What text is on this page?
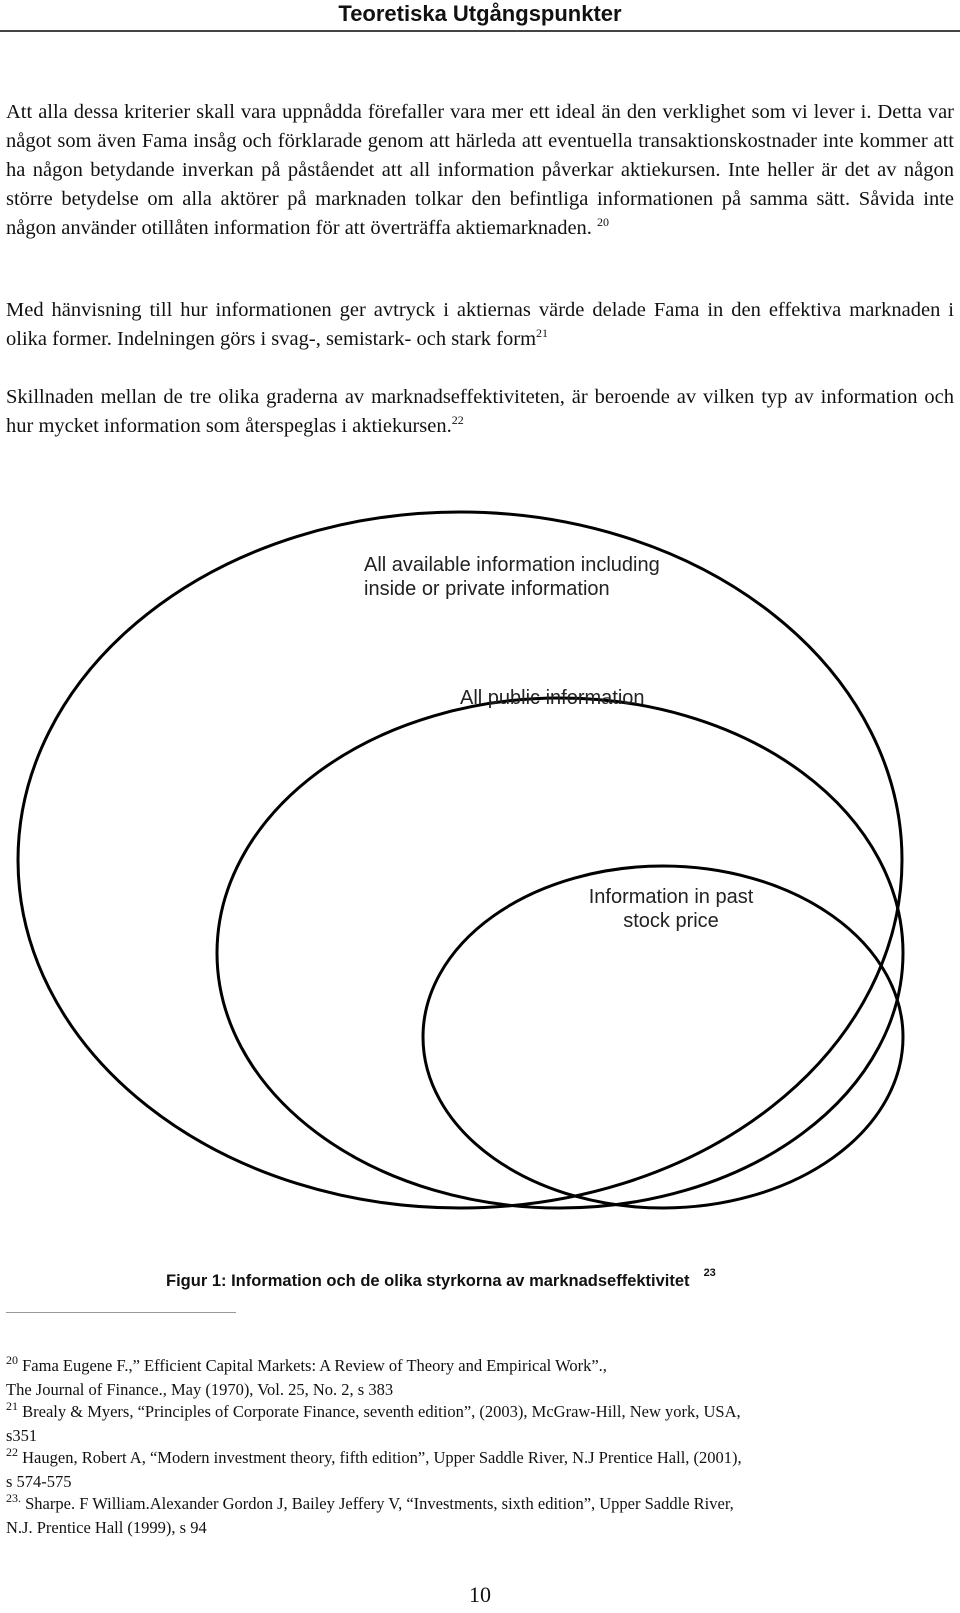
Teoretiska Utgångspunkter

Att alla dessa kriterier skall vara uppnådda förefaller vara mer ett ideal än den verklighet som vi lever i. Detta var något som även Fama insåg och förklarade genom att härleda att eventuella transaktionskostnader inte kommer att ha någon betydande inverkan på påståendet att all information påverkar aktiekursen. Inte heller är det av någon större betydelse om alla aktörer på marknaden tolkar den befintliga informationen på samma sätt. Såvida inte någon använder otillåten information för att överträffa aktiemarknaden. $^{20}$

Med hänvisning till hur informationen ger avtryck i aktiernas värde delade Fama in den effektiva marknaden i olika former. Indelningen görs i svag-, semistark- och stark form$^{21}$

Skillnaden mellan de tre olika graderna av marknadseffektiviteten, är beroende av vilken typ av information och hur mycket information som återspeglas i aktiekursen.$^{22}$

All available information including
inside or private information
All public information
Information in past
stock price
Figur 1: Information och de olika styrkorna av marknadseffektivitet $^{23}$

$^{20}$ Fama Eugene F.,” Efficient Capital Markets: A Review of Theory and Empirical Work”.,
The Journal of Finance., May (1970), Vol. 25, No. 2, s 383

$^{21}$ Brealy & Myers, “Principles of Corporate Finance, seventh edition”, (2003), McGraw-Hill, New york, USA,
s351

$^{22}$ Haugen, Robert A, “Modern investment theory, fifth edition”, Upper Saddle River, N.J Prentice Hall, (2001),
s 574-575

$^{23.}$ Sharpe. F William.Alexander Gordon J, Bailey Jeffery V, “Investments, sixth edition”, Upper Saddle River,
N.J. Prentice Hall (1999), s 94

10
